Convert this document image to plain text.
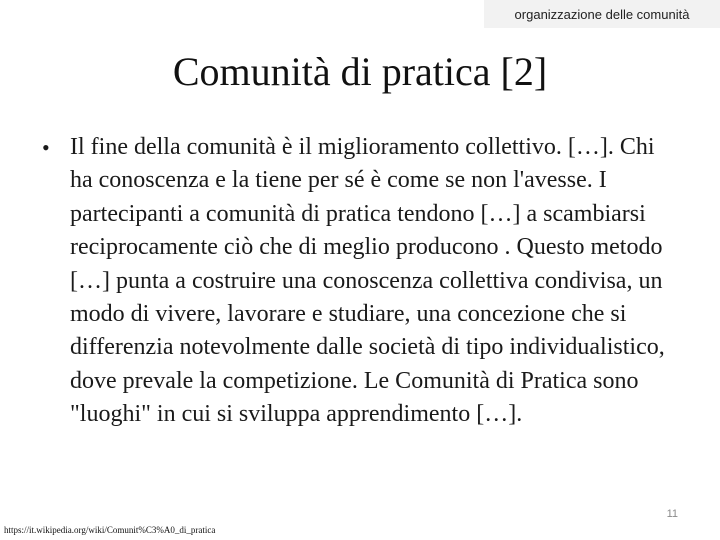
organizzazione delle comunità
Comunità di pratica [2]
• Il fine della comunità è il miglioramento collettivo. […]. Chi ha conoscenza e la tiene per sé è come se non l'avesse. I partecipanti a comunità di pratica tendono […] a scambiarsi reciprocamente ciò che di meglio producono . Questo metodo […] punta a costruire una conoscenza collettiva condivisa, un modo di vivere, lavorare e studiare, una concezione che si differenzia notevolmente dalle società di tipo individualistico, dove prevale la competizione. Le Comunità di Pratica sono "luoghi" in cui si sviluppa apprendimento […].
11
https://it.wikipedia.org/wiki/Comunit%C3%A0_di_pratica
